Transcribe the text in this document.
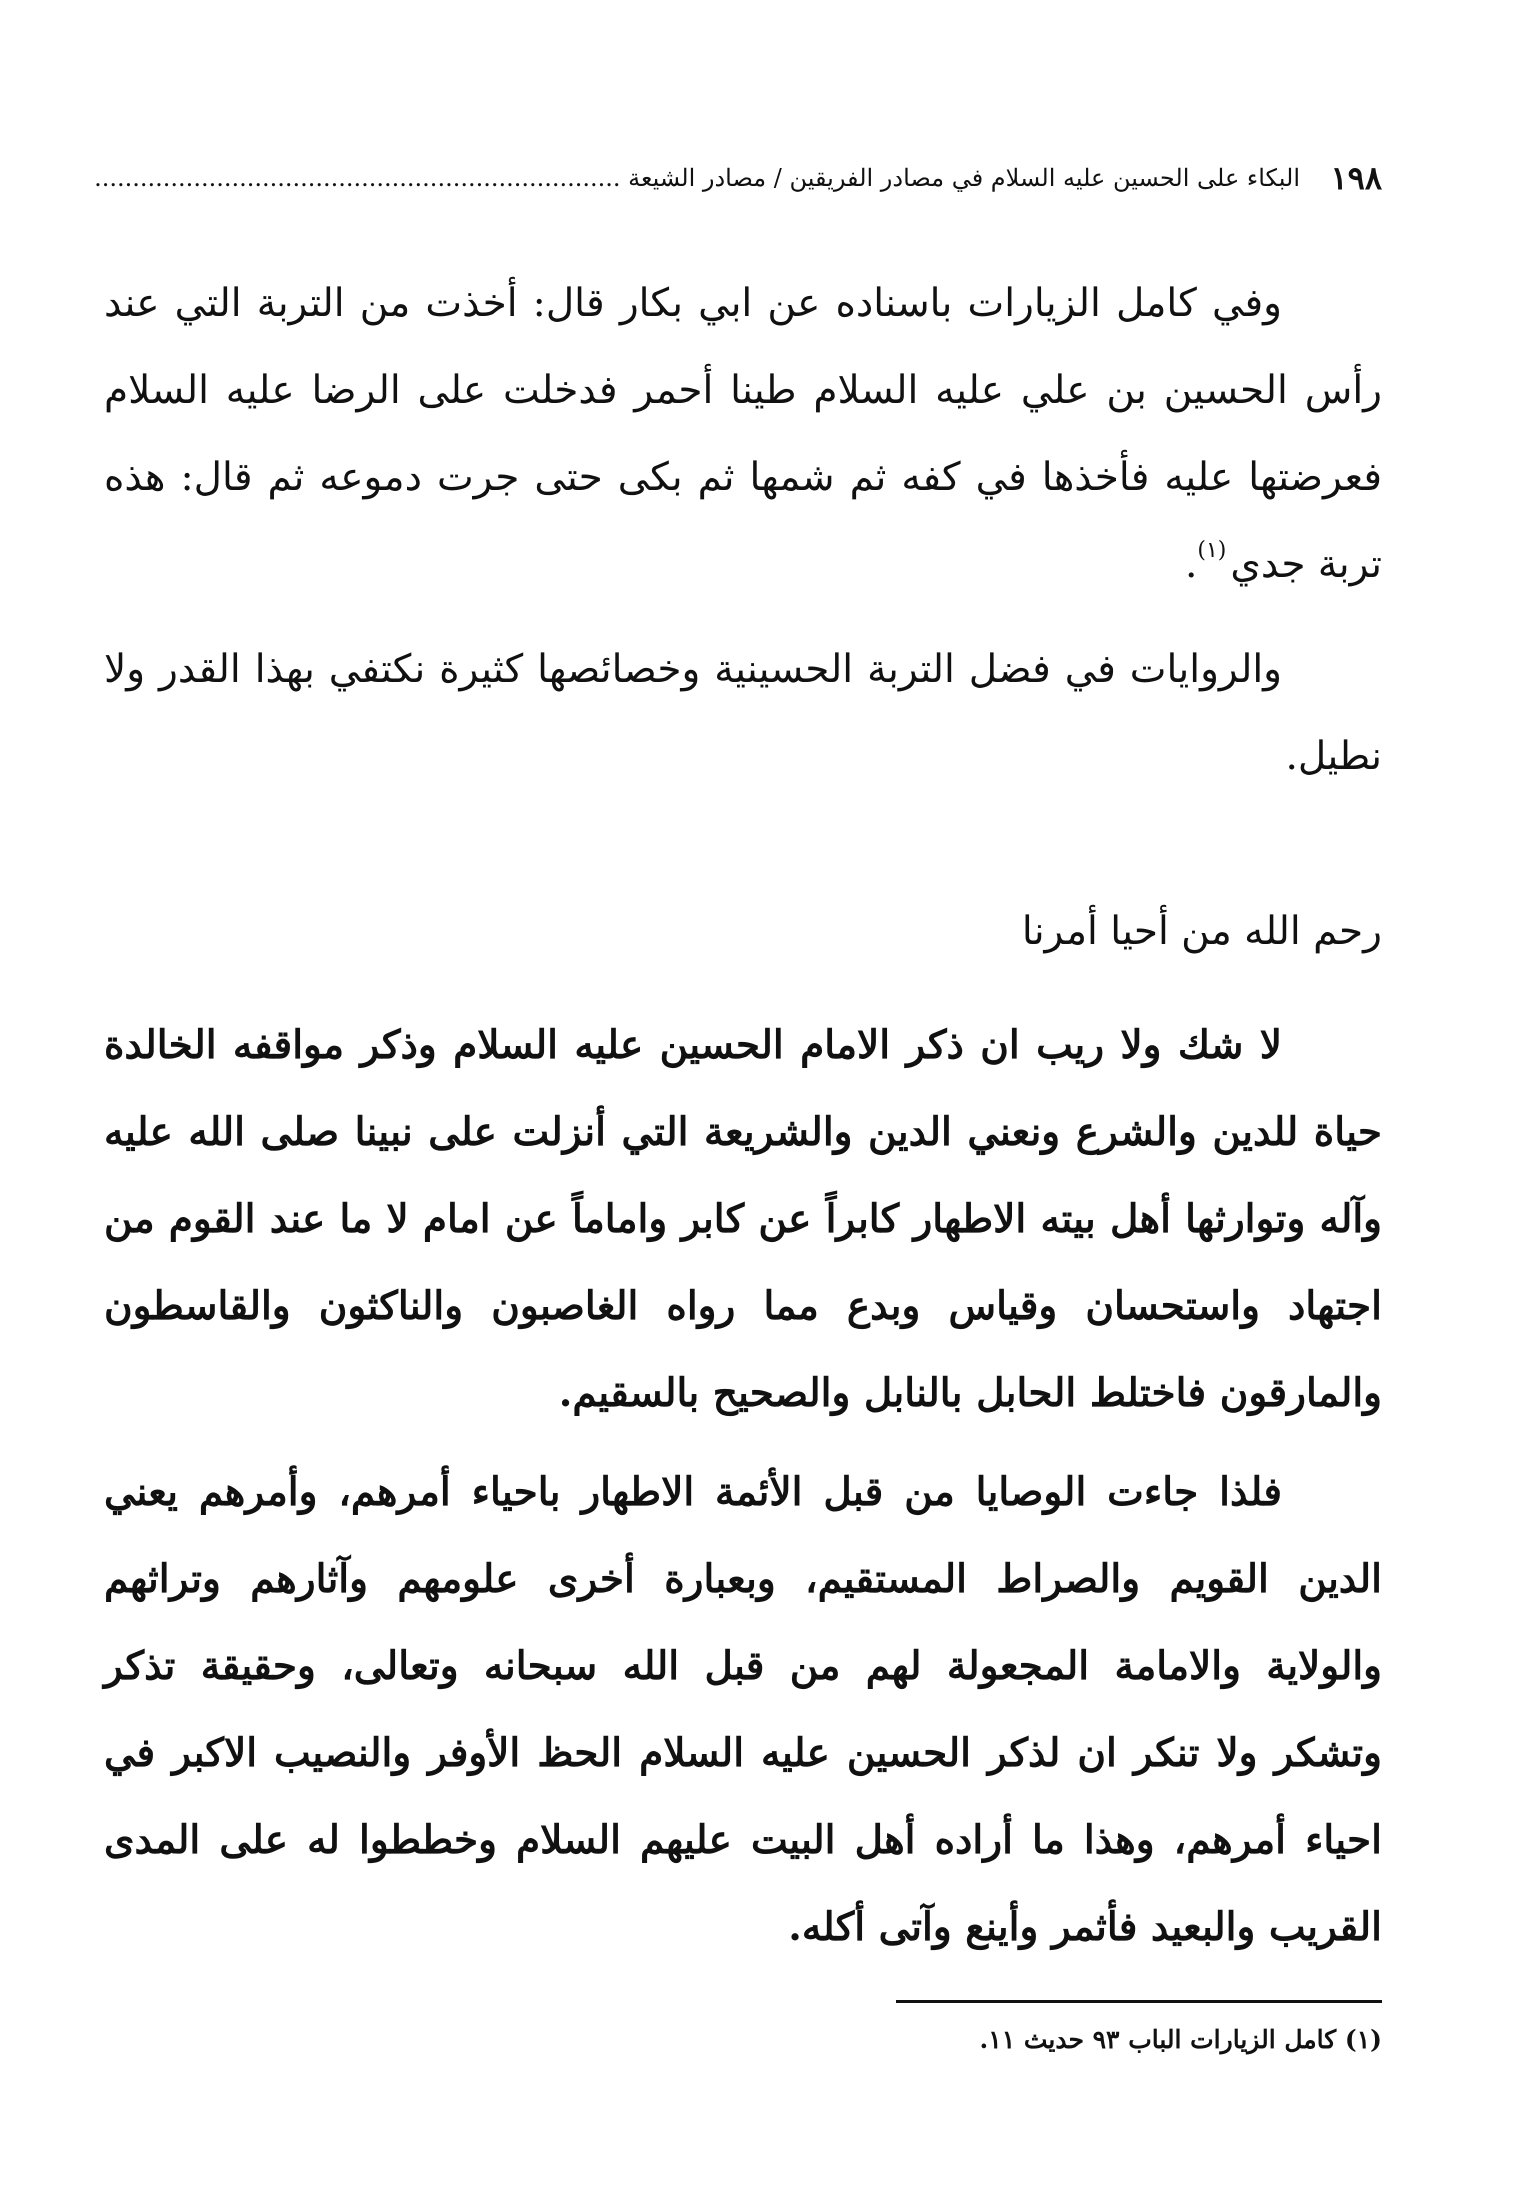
١٩٨
البكاء على الحسين عليه السلام في مصادر الفريقين / مصادر الشيعة .....

وفي كامل الزيارات باسناده عن ابي بكار قال: أخذت من التربة التي عند رأس الحسين بن علي عليه السلام طينا أحمر فدخلت على الرضا عليه السلام فعرضتها عليه فأخذها في كفه ثم شمها ثم بكى حتى جرت دموعه ثم قال: هذه تربة جدي$^{(١)}$.

والروايات في فضل التربة الحسينية وخصائصها كثيرة نكتفي بهذا القدر ولا نطيل.

رحم الله من أحيا أمرنا

لا شك ولا ريب ان ذكر الامام الحسين عليه السلام وذكر مواقفه الخالدة حياة للدين والشرع ونعني الدين والشريعة التي أنزلت على نبينا صلى الله عليه وآله وتوارثها أهل بيته الاطهار كابراً عن كابر واماماً عن امام لا ما عند القوم من اجتهاد واستحسان وقياس وبدع مما رواه الغاصبون والناكثون والقاسطون والمارقون فاختلط الحابل بالنابل والصحيح بالسقيم.

فلذا جاءت الوصايا من قبل الأئمة الاطهار باحياء أمرهم، وأمرهم يعني الدين القويم والصراط المستقيم، وبعبارة أخرى علومهم وآثارهم وتراثهم والولاية والامامة المجعولة لهم من قبل الله سبحانه وتعالى، وحقيقة تذكر وتشكر ولا تنكر ان لذكر الحسين عليه السلام الحظ الأوفر والنصيب الاكبر في احياء أمرهم، وهذا ما أراده أهل البيت عليهم السلام وخططوا له على المدى القريب والبعيد فأثمر وأينع وآتى أكله.

(١) كامل الزيارات الباب ٩٣ حديث ١١.
